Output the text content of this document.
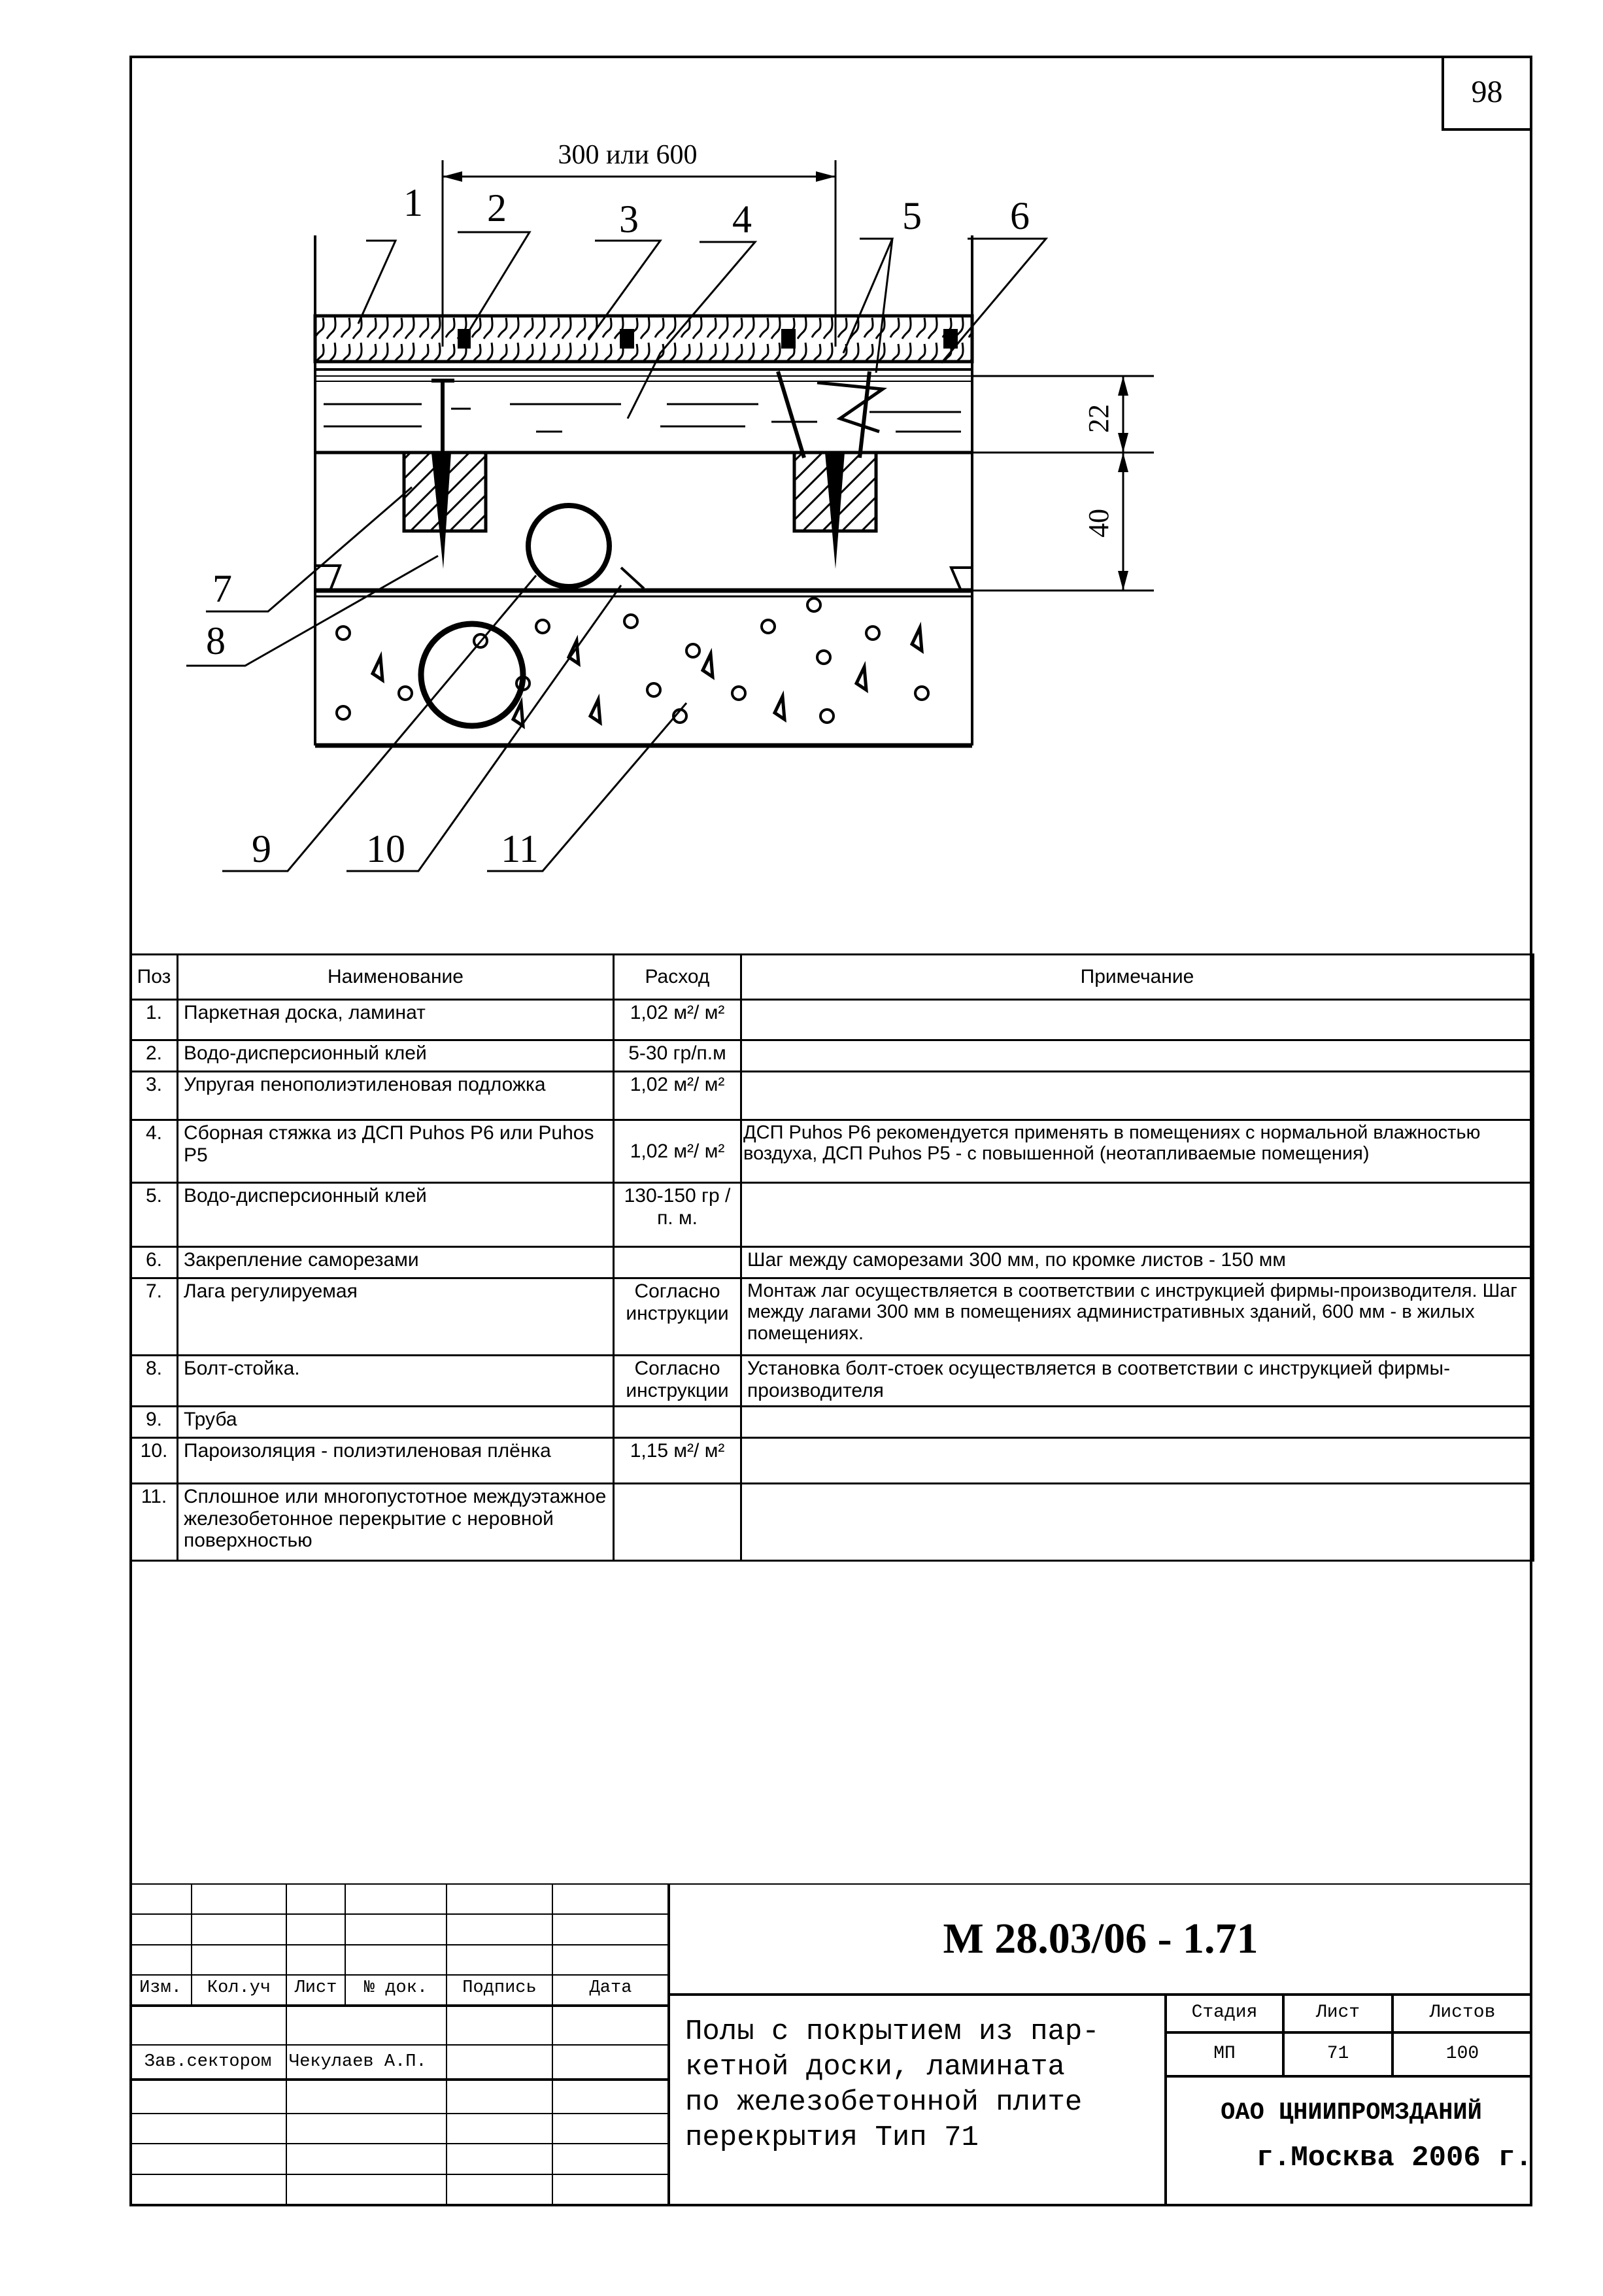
98
300 или 600
22
40
1 2	3 4	5 6
7
8
9 10 11
Поз	Наименование	Расход	Примечание
1.	Паркетная доска, ламинат	1,02 м²/ м²	
2.	Водо-дисперсионный клей	5-30 гр/п.м	
3.	Упругая пенополиэтиленовая подложка	1,02 м²/ м²	
4.	Сборная стяжка из ДСП Puhos P6 или Puhos P5	1,02 м²/ м²	ДСП Puhos P6 рекомендуется применять в помещениях с нормальной влажностью воздуха, ДСП Puhos P5 - с повышенной (неотапливаемые помещения)
5.	Водо-дисперсионный клей	130-150 гр /п. м.	
6.	Закрепление саморезами		Шаг между саморезами 300 мм, по кромке листов - 150 мм
7.	Лага регулируемая	Согласно инструкции	Монтаж лаг осуществляется в соответствии с инструкцией фирмы-производителя. Шаг между лагами 300 мм в помещениях административных зданий, 600 мм - в жилых помещениях.
8.	Болт-стойка.	Согласно инструкции	Установка болт-стоек осуществляется в соответствии с инструкцией фирмы-производителя
9.	Труба		
10.	Пароизоляция - полиэтиленовая плёнка	1,15 м²/ м²	
11.	Сплошное или многопустотное междуэтажное железобетонное перекрытие с неровной поверхностью		
М 28.03/06 - 1.71
Изм.	Кол.уч	Лист	№ док.	Подпись	Дата
Зав.сектором Чекулаев А.П.
Полы с покрытием из пар-
кетной доски, ламината
по железобетонной плите
перекрытия Тип 71
Стадия	Лист	Листов
МП	71	100
ОАО ЦНИИПРОМЗДАНИЙ
г.Москва 2006 г.
